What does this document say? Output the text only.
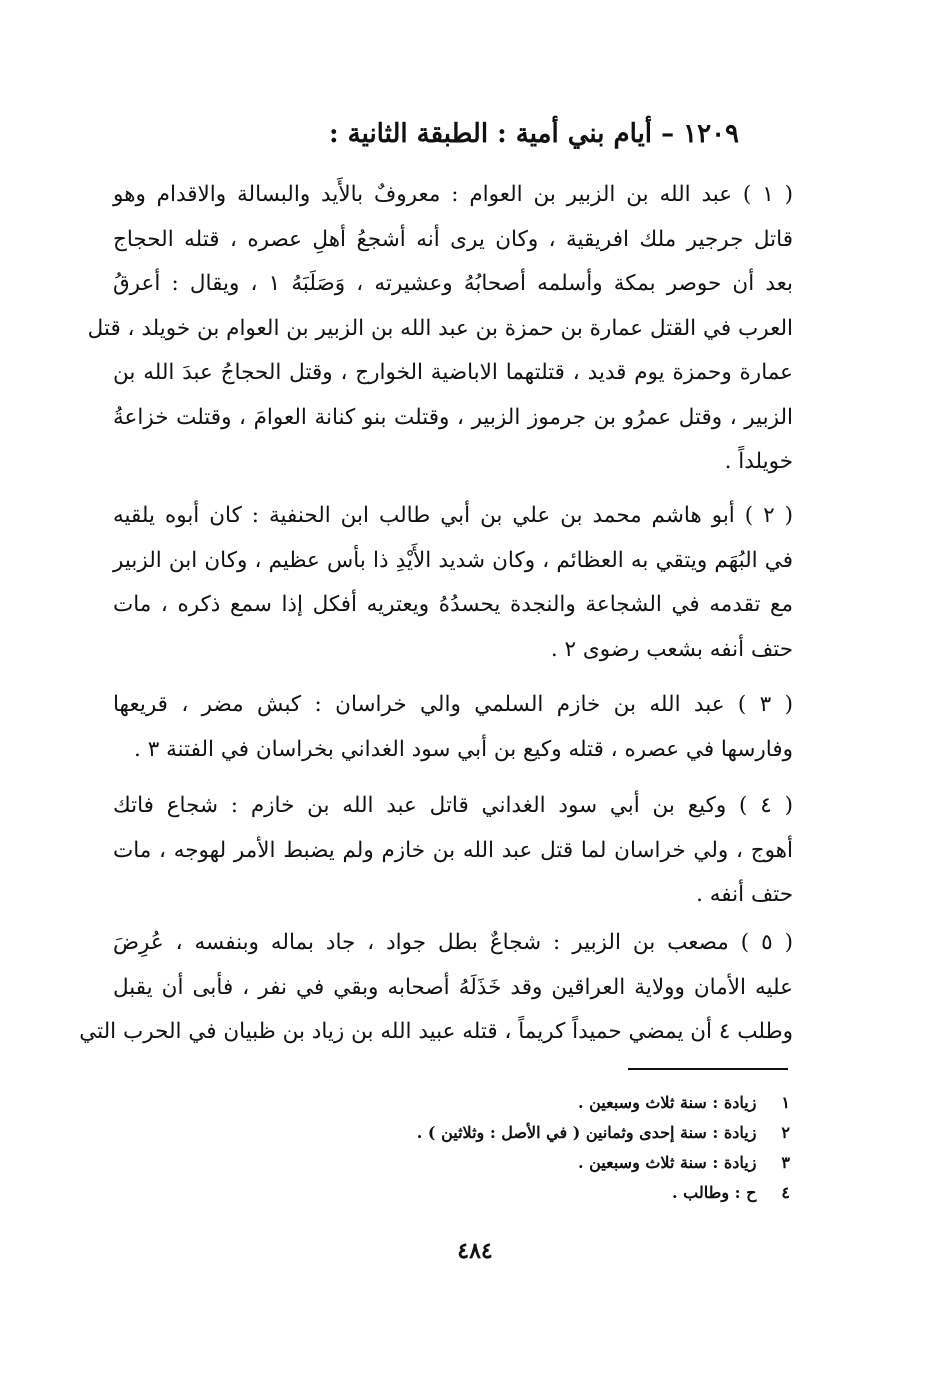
١٢٠٩ – أيام بني أمية : الطبقة الثانية :

( ١ ) عبد الله بن الزبير بن العوام : معروفٌ بالأَيد والبسالة والاقدام وهو
قاتل جرجير ملك افريقية ، وكان يرى أنه أشجعُ أهلِ عصره ، قتله الحجاج
بعد أن حوصر بمكة وأسلمه أصحابُهُ وعشيرته ، وَصَلَبَهُ ١ ، ويقال : أعرقُ
العرب في القتل عمارة بن حمزة بن عبد الله بن الزبير بن العوام بن خويلد ، قتل
عمارة وحمزة يوم قديد ، قتلتهما الاباضية الخوارج ، وقتل الحجاجُ عبدَ الله بن
الزبير ، وقتل عمرُو بن جرموز الزبير ، وقتلت بنو كنانة العوامَ ، وقتلت خزاعةُ
خويلداً .

( ٢ ) أبو هاشم محمد بن علي بن أبي طالب ابن الحنفية : كان أبوه يلقيه
في البُهَم ويتقي به العظائم ، وكان شديد الأَيْدِ ذا بأس عظيم ، وكان ابن الزبير
مع تقدمه في الشجاعة والنجدة يحسدُهُ ويعتريه أفكل إذا سمع ذكره ، مات
حتف أنفه بشعب رضوى ٢ .

( ٣ ) عبد الله بن خازم السلمي والي خراسان : كبش مضر ، قريعها
وفارسها في عصره ، قتله وكيع بن أبي سود الغداني بخراسان في الفتنة ٣ .

( ٤ ) وكيع بن أبي سود الغداني قاتل عبد الله بن خازم : شجاع فاتك
أهوج ، ولي خراسان لما قتل عبد الله بن خازم ولم يضبط الأمر لهوجه ، مات
حتف أنفه .

( ٥ ) مصعب بن الزبير : شجاعٌ بطل جواد ، جاد بماله وبنفسه ، عُرِضَ
عليه الأمان وولاية العراقين وقد خَذَلَهُ أصحابه وبقي في نفر ، فأبى أن يقبل
وطلب ٤ أن يمضي حميداً كريماً ، قتله عبيد الله بن زياد بن ظبيان في الحرب التي

١ زيادة : سنة ثلاث وسبعين .
٢ زيادة : سنة إحدى وثمانين ( في الأصل : وثلاثين ) .
٣ زيادة : سنة ثلاث وسبعين .
٤ ح : وطالب .
٤٨٤
